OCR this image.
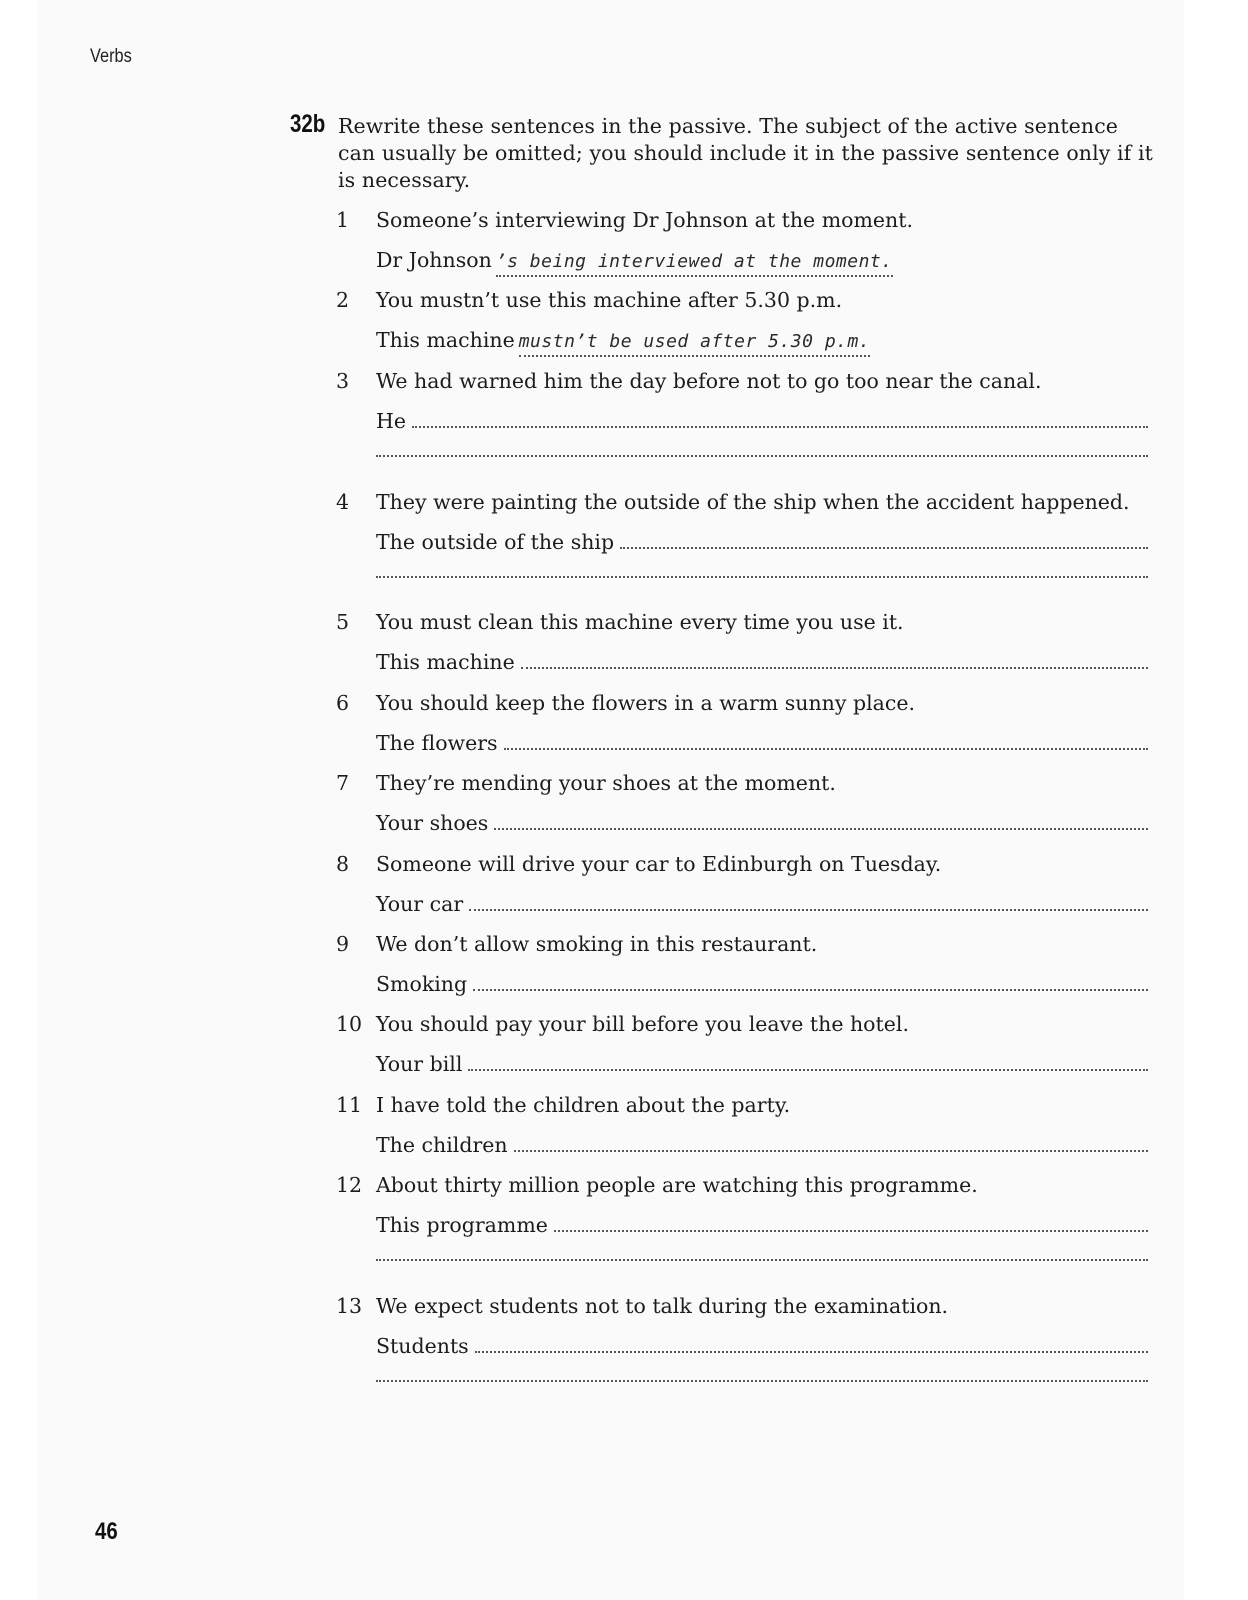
Verbs
32b Rewrite these sentences in the passive. The subject of the active sentence can usually be omitted; you should include it in the passive sentence only if it is necessary.
1	Someone’s interviewing Dr Johnson at the moment.
Dr Johnson ’s being interviewed at the moment.
2	You mustn’t use this machine after 5.30 p.m.
This machine mustn’t be used after 5.30 p.m.
3	We had warned him the day before not to go too near the canal.
He
4	They were painting the outside of the ship when the accident happened.
The outside of the ship
5	You must clean this machine every time you use it.
This machine
6	You should keep the flowers in a warm sunny place.
The flowers
7	They’re mending your shoes at the moment.
Your shoes
8	Someone will drive your car to Edinburgh on Tuesday.
Your car
9	We don’t allow smoking in this restaurant.
Smoking
10 You should pay your bill before you leave the hotel.
Your bill
11 I have told the children about the party.
The children
12 About thirty million people are watching this programme.
This programme
13 We expect students not to talk during the examination.
Students
46
